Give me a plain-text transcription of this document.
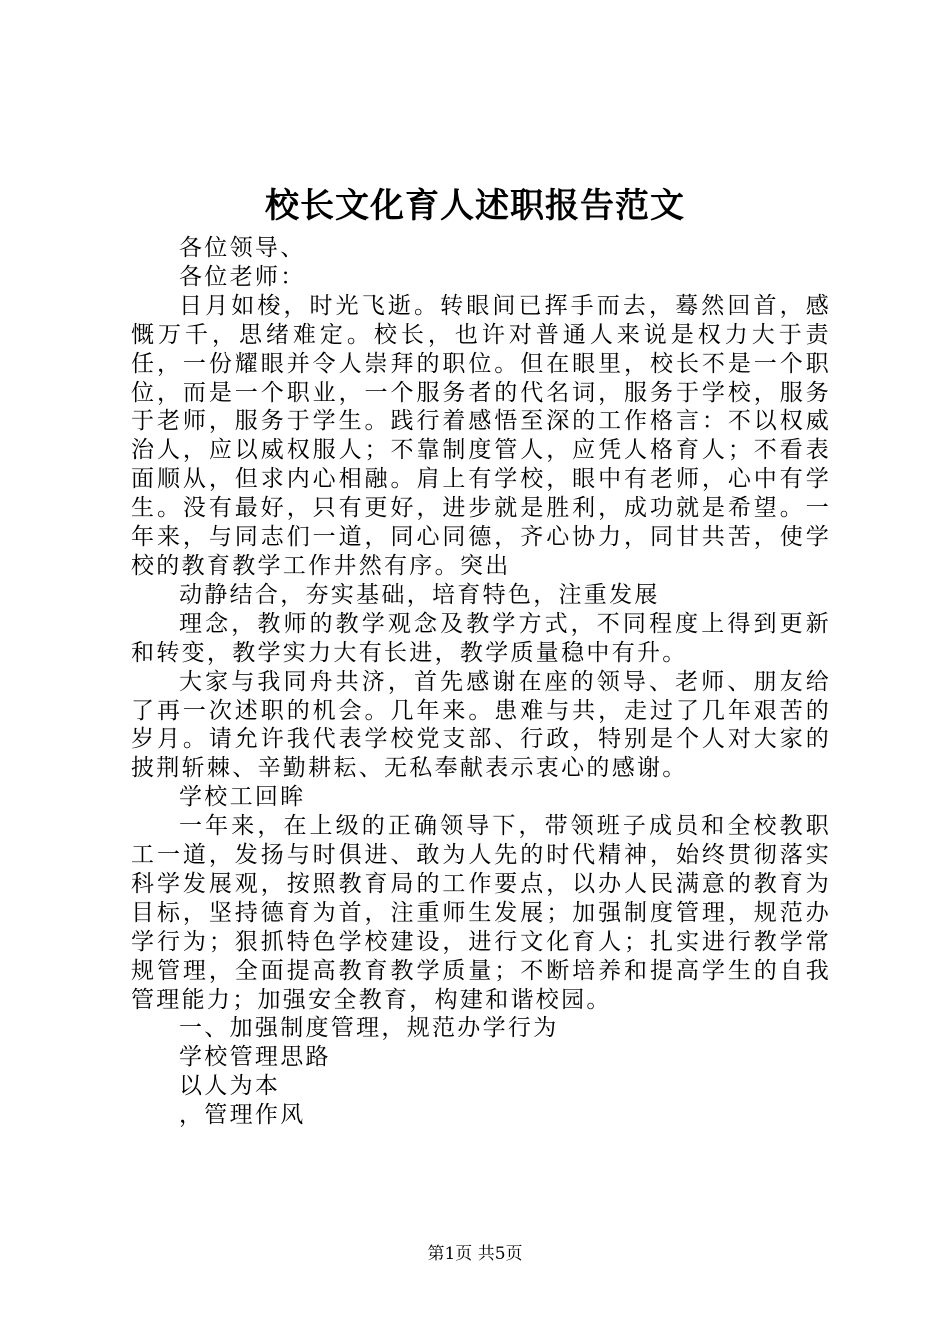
校长文化育人述职报告范文

各位领导、

各位老师：

日月如梭，时光飞逝。转眼间已挥手而去，蓦然回首，感慨万千，思绪难定。校长，也许对普通人来说是权力大于责任，一份耀眼并令人崇拜的职位。但在眼里，校长不是一个职位，而是一个职业，一个服务者的代名词，服务于学校，服务于老师，服务于学生。践行着感悟至深的工作格言：不以权威治人，应以威权服人；不靠制度管人，应凭人格育人；不看表面顺从，但求内心相融。肩上有学校，眼中有老师，心中有学生。没有最好，只有更好，进步就是胜利，成功就是希望。一年来，与同志们一道，同心同德，齐心协力，同甘共苦，使学校的教育教学工作井然有序。突出

动静结合，夯实基础，培育特色，注重发展

理念，教师的教学观念及教学方式，不同程度上得到更新和转变，教学实力大有长进，教学质量稳中有升。

大家与我同舟共济，首先感谢在座的领导、老师、朋友给了再一次述职的机会。几年来。患难与共，走过了几年艰苦的岁月。请允许我代表学校党支部、行政，特别是个人对大家的披荆斩棘、辛勤耕耘、无私奉献表示衷心的感谢。

学校工回眸

一年来，在上级的正确领导下，带领班子成员和全校教职工一道，发扬与时俱进、敢为人先的时代精神，始终贯彻落实科学发展观，按照教育局的工作要点，以办人民满意的教育为目标，坚持德育为首，注重师生发展；加强制度管理，规范办学行为；狠抓特色学校建设，进行文化育人；扎实进行教学常规管理，全面提高教育教学质量；不断培养和提高学生的自我管理能力；加强安全教育，构建和谐校园。

一、加强制度管理，规范办学行为

学校管理思路

以人为本

，管理作风

第1页 共5页
